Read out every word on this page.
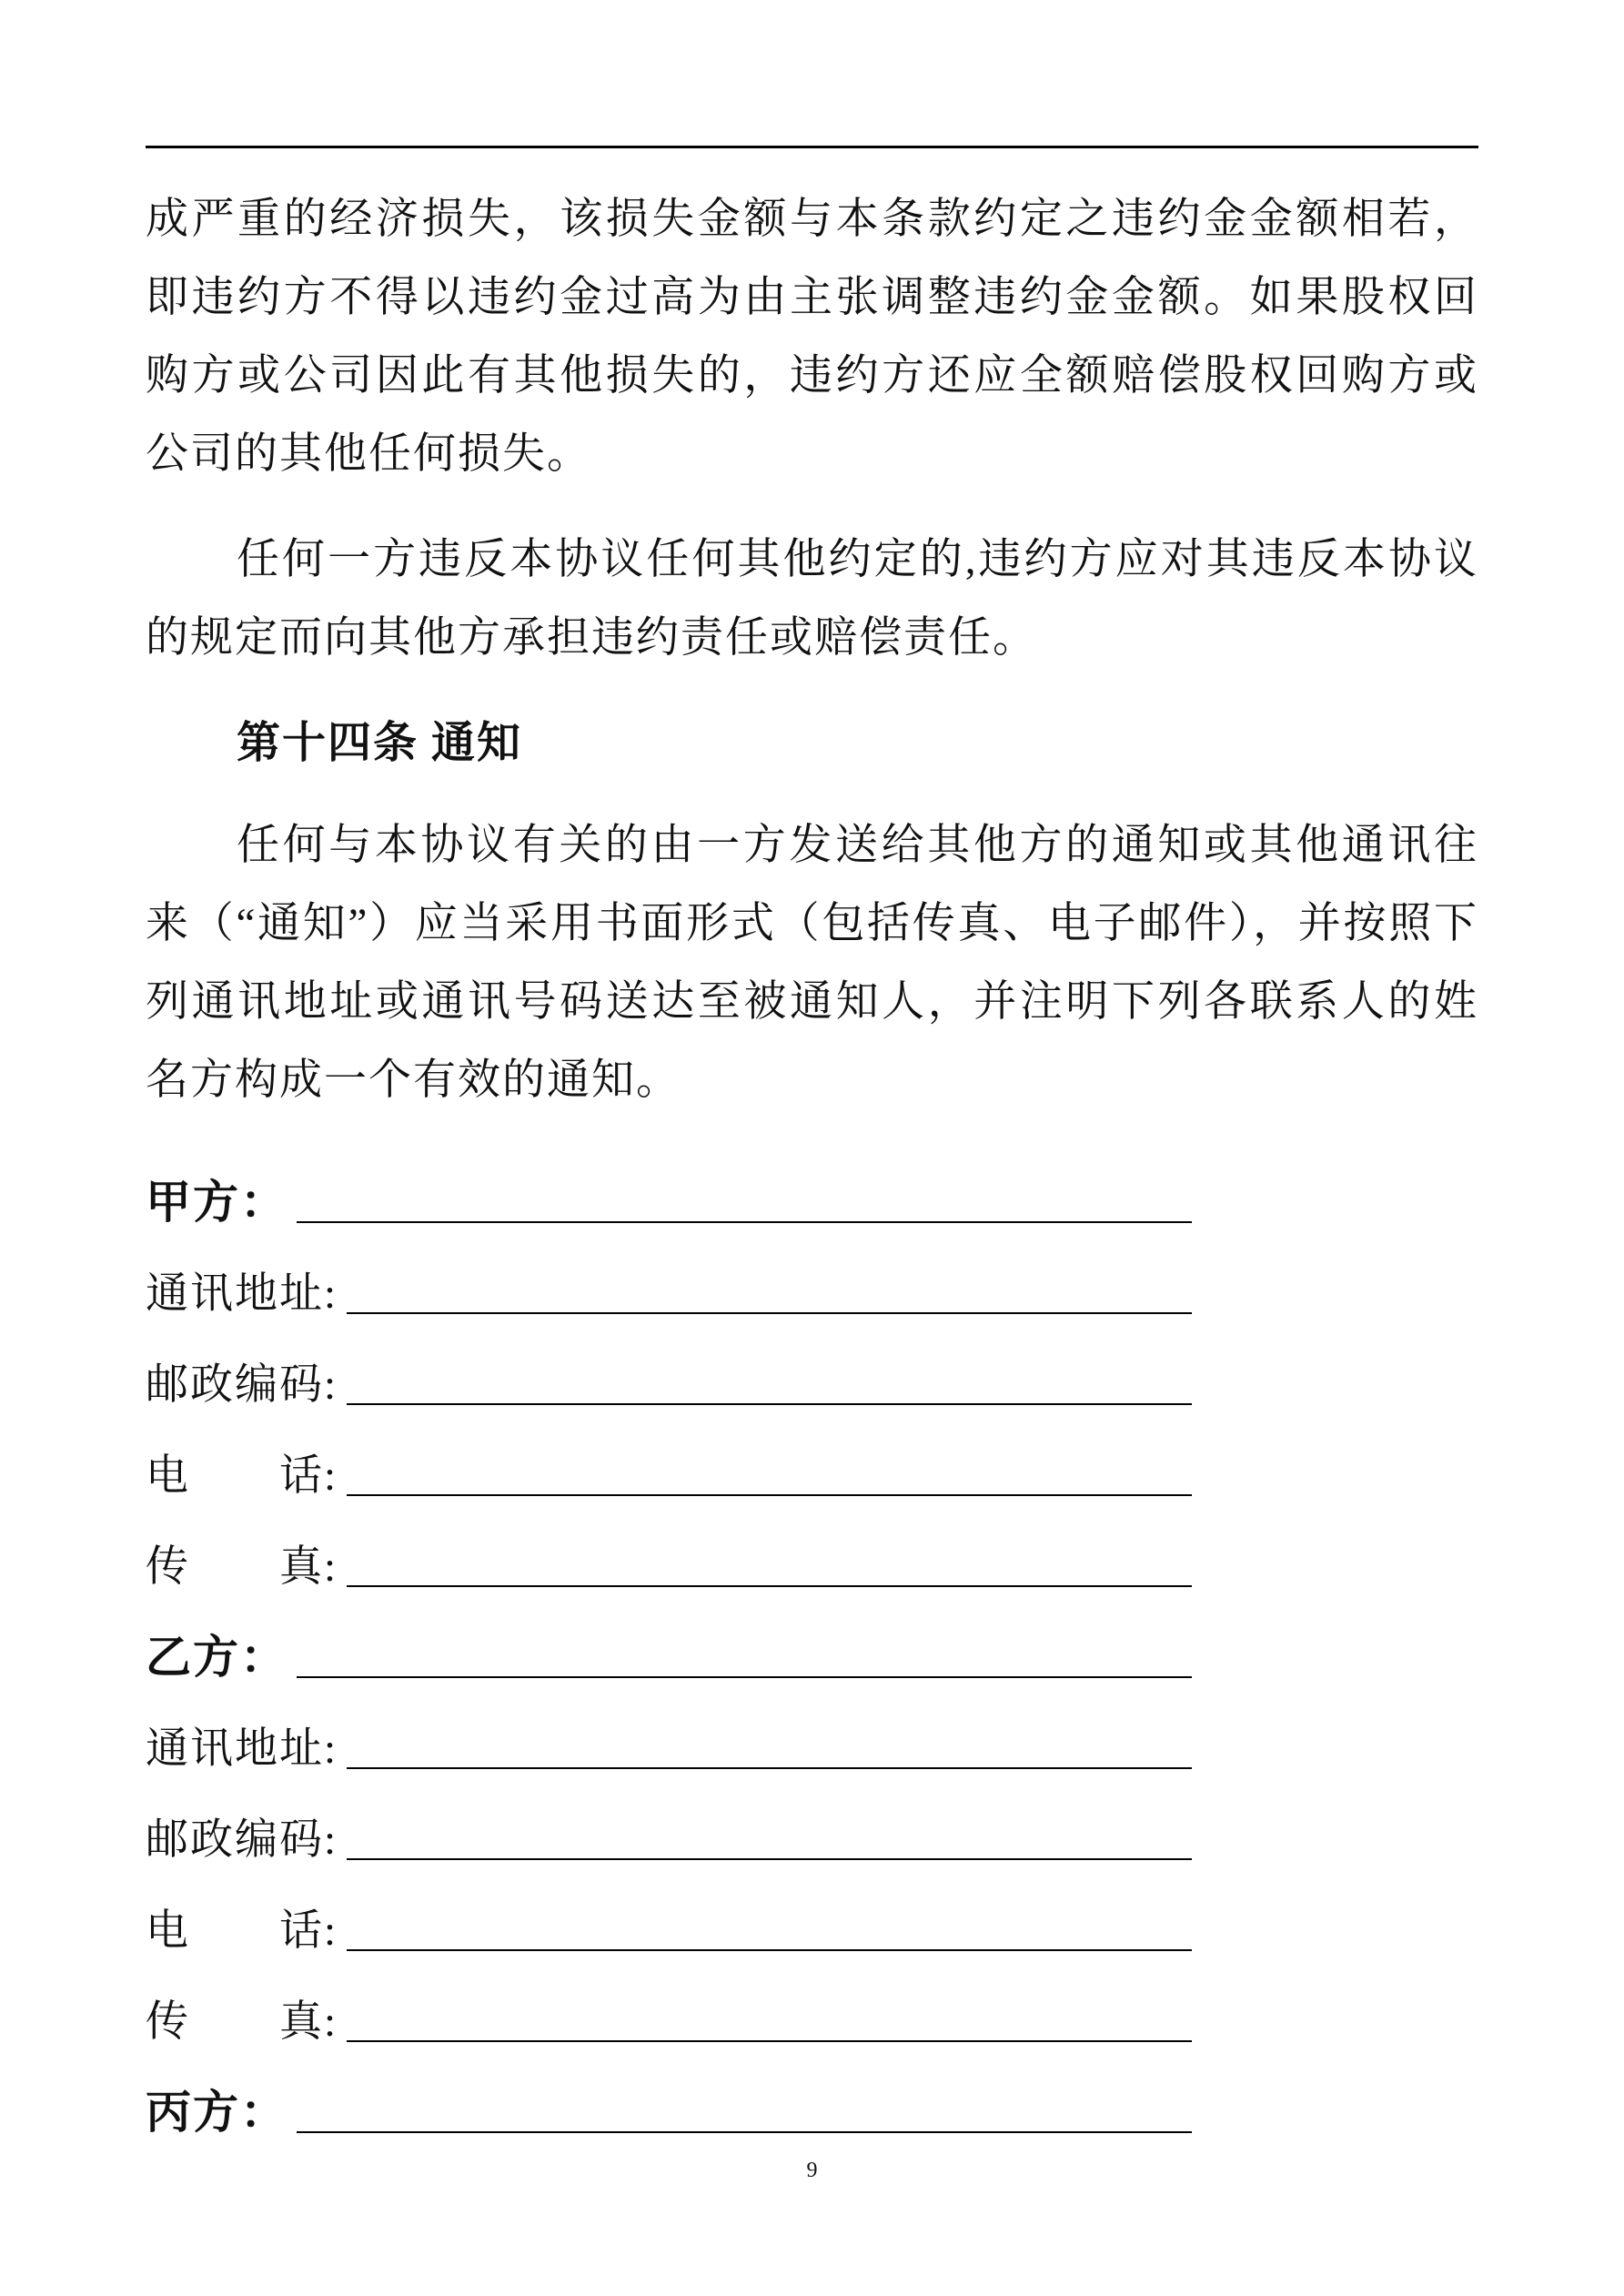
成严重的经济损失，该损失金额与本条款约定之违约金金额相若，即违约方不得以违约金过高为由主张调整违约金金额。如果股权回购方或公司因此有其他损失的，违约方还应全额赔偿股权回购方或公司的其他任何损失。

任何一方违反本协议任何其他约定的,违约方应对其违反本协议的规定而向其他方承担违约责任或赔偿责任。

第十四条 通知

任何与本协议有关的由一方发送给其他方的通知或其他通讯往来（“通知”）应当采用书面形式（包括传真、电子邮件），并按照下列通讯地址或通讯号码送达至被通知人，并注明下列各联系人的姓名方构成一个有效的通知。

甲方：
通讯地址:
邮政编码:
电　　话:
传　　真:
乙方：
通讯地址:
邮政编码:
电　　话:
传　　真:
丙方：
9
